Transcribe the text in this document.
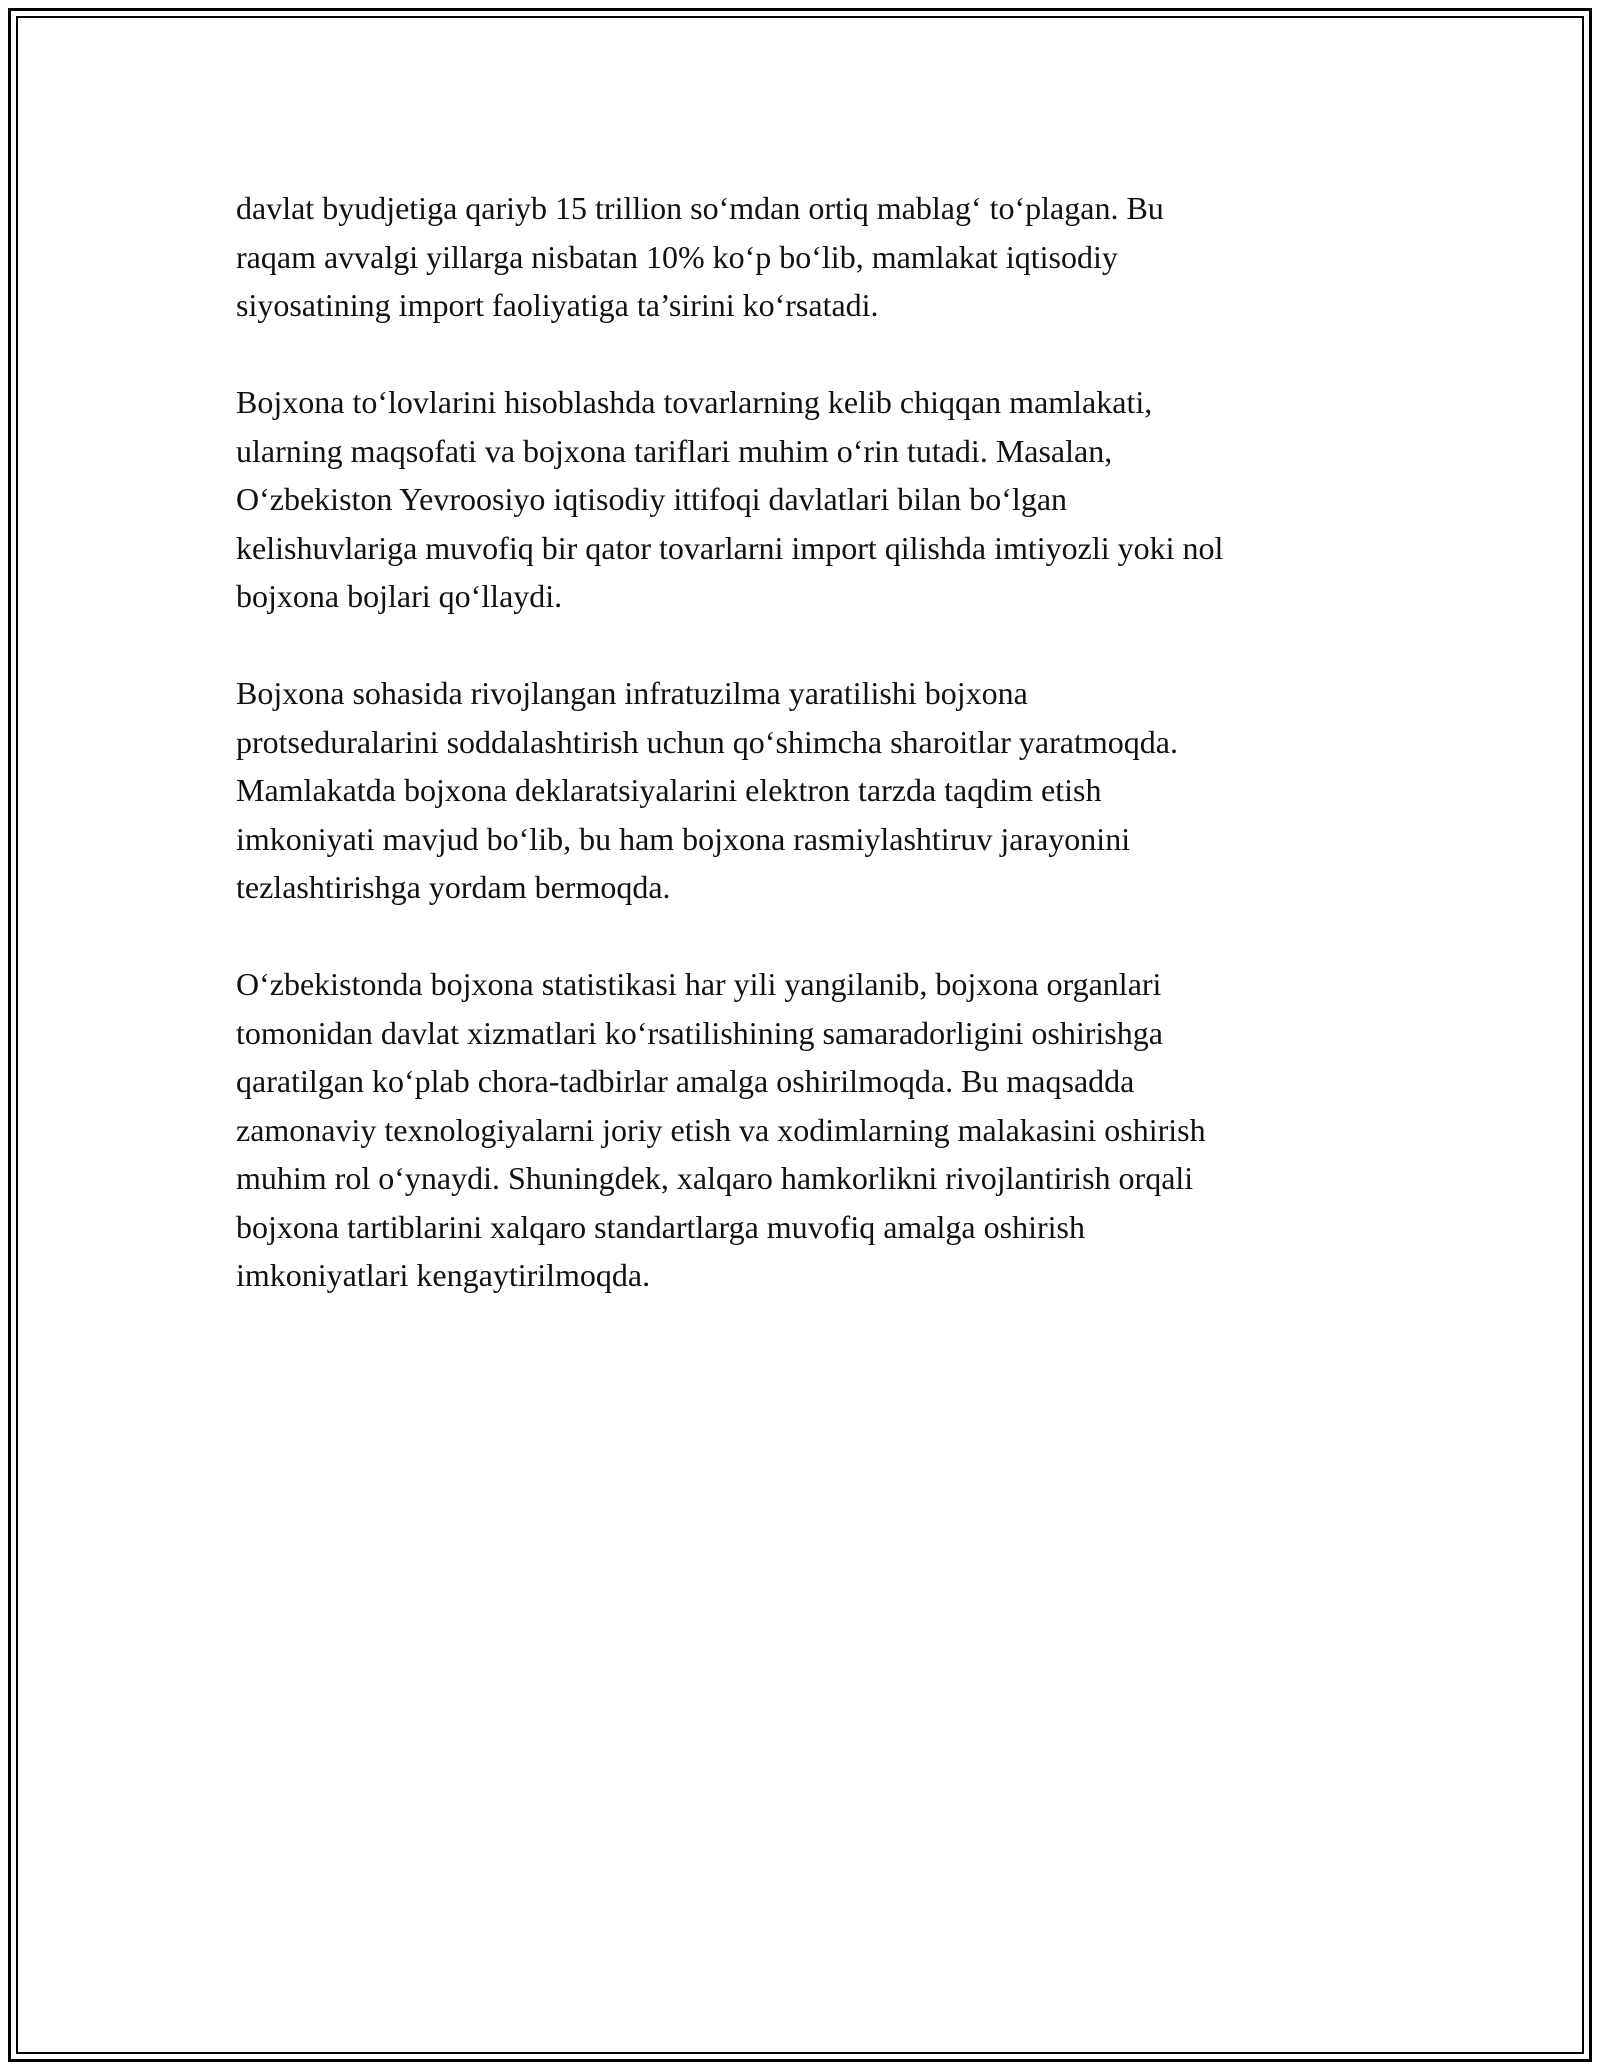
davlat byudjetiga qariyb 15 trillion so‘mdan ortiq mablag‘ to‘plagan. Bu
raqam avvalgi yillarga nisbatan 10% ko‘p bo‘lib, mamlakat iqtisodiy
siyosatining import faoliyatiga ta’sirini ko‘rsatadi.

Bojxona to‘lovlarini hisoblashda tovarlarning kelib chiqqan mamlakati,
ularning maqsofati va bojxona tariflari muhim o‘rin tutadi. Masalan,
O‘zbekiston Yevroosiyo iqtisodiy ittifoqi davlatlari bilan bo‘lgan
kelishuvlariga muvofiq bir qator tovarlarni import qilishda imtiyozli yoki nol
bojxona bojlari qo‘llaydi.

Bojxona sohasida rivojlangan infratuzilma yaratilishi bojxona
protseduralarini soddalashtirish uchun qo‘shimcha sharoitlar yaratmoqda.
Mamlakatda bojxona deklaratsiyalarini elektron tarzda taqdim etish
imkoniyati mavjud bo‘lib, bu ham bojxona rasmiylashtiruv jarayonini
tezlashtirishga yordam bermoqda.

O‘zbekistonda bojxona statistikasi har yili yangilanib, bojxona organlari
tomonidan davlat xizmatlari ko‘rsatilishining samaradorligini oshirishga
qaratilgan ko‘plab chora-tadbirlar amalga oshirilmoqda. Bu maqsadda
zamonaviy texnologiyalarni joriy etish va xodimlarning malakasini oshirish
muhim rol o‘ynaydi. Shuningdek, xalqaro hamkorlikni rivojlantirish orqali
bojxona tartiblarini xalqaro standartlarga muvofiq amalga oshirish
imkoniyatlari kengaytirilmoqda.
